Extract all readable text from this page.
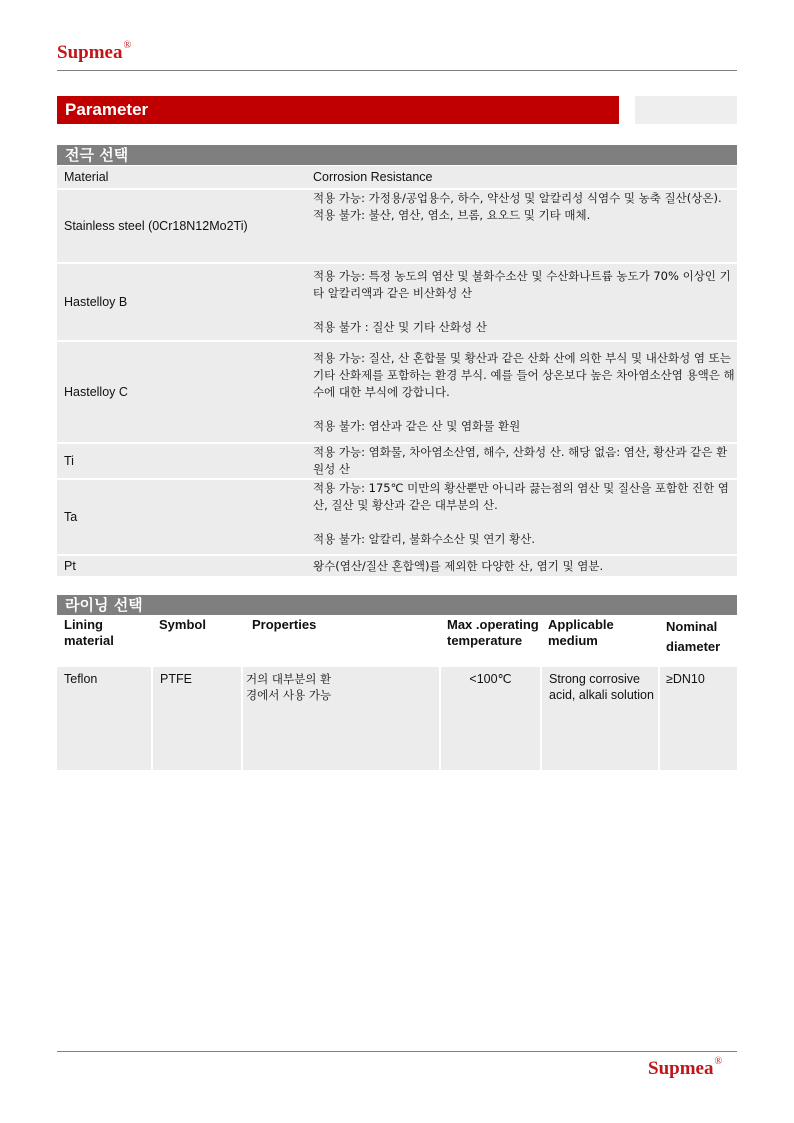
Supmea®
Parameter
전극 선택
Material	Corrosion Resistance

Stainless steel (0Cr18N12Mo2Ti)	적용 가능: 가정용/공업용수, 하수, 약산성 및 알칼리성 식염수 및 농축 질산(상온).
적용 불가: 불산, 염산, 염소, 브롬, 요오드 및 기타 매체.

Hastelloy B	적용 가능: 특정 농도의 염산 및 불화수소산 및 수산화나트륨 농도가 70% 이상인 기타 알칼리액과 같은 비산화성 산
적용 불가 : 질산 및 기타 산화성 산

Hastelloy C	적용 가능: 질산, 산 혼합물 및 황산과 같은 산화 산에 의한 부식 및 내산화성 염 또는 기타 산화제를 포함하는 환경 부식. 예를 들어 상온보다 높은 차아염소산염 용액은 해수에 대한 부식에 강합니다.
적용 불가: 염산과 같은 산 및 염화물 환원

Ti	적용 가능: 염화물, 차아염소산염, 해수, 산화성 산. 해당 없음: 염산, 황산과 같은 환원성 산

Ta	적용 가능: 175℃ 미만의 황산뿐만 아니라 끓는점의 염산 및 질산을 포함한 진한 염산, 질산 및 황산과 같은 대부분의 산.
적용 불가: 알칼리, 불화수소산 및 연기 황산.

Pt	왕수(염산/질산 혼합액)를 제외한 다양한 산, 염기 및 염분.
라이닝 선택
Lining material	Symbol	Properties	Max .operating temperature	Applicable medium	Nominal diameter
Teflon	PTFE	거의 대부분의 환경에서 사용 가능	<100℃	Strong corrosive acid, alkali solution	≥DN10
Supmea®
